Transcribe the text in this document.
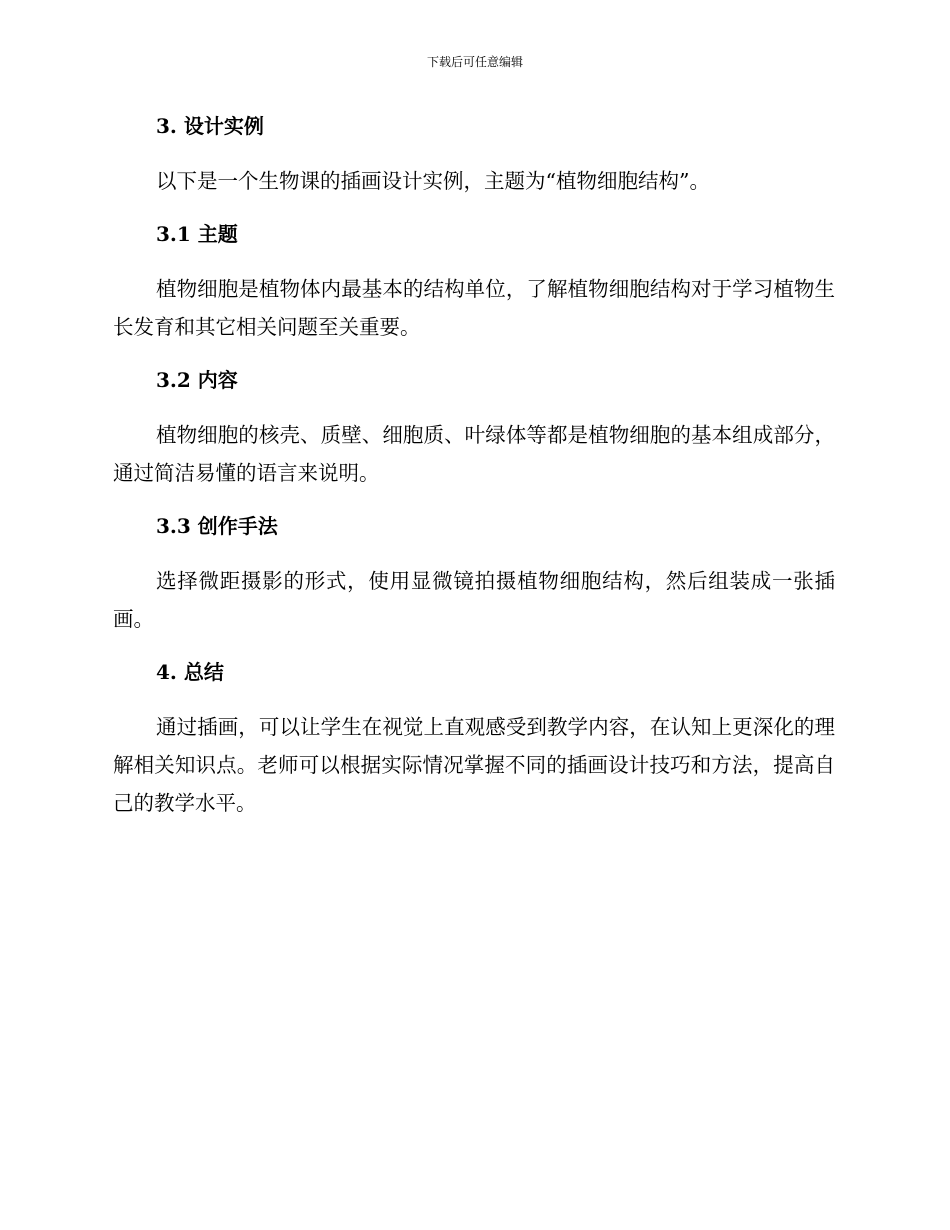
下载后可任意编辑
3. 设计实例

以下是一个生物课的插画设计实例，主题为“植物细胞结构”。

3.1 主题

植物细胞是植物体内最基本的结构单位，了解植物细胞结构对于学习植物生长发育和其它相关问题至关重要。

3.2 内容

植物细胞的核壳、质壁、细胞质、叶绿体等都是植物细胞的基本组成部分，通过简洁易懂的语言来说明。

3.3 创作手法

选择微距摄影的形式，使用显微镜拍摄植物细胞结构，然后组装成一张插画。

4. 总结

通过插画，可以让学生在视觉上直观感受到教学内容，在认知上更深化的理解相关知识点。老师可以根据实际情况掌握不同的插画设计技巧和方法，提高自己的教学水平。
